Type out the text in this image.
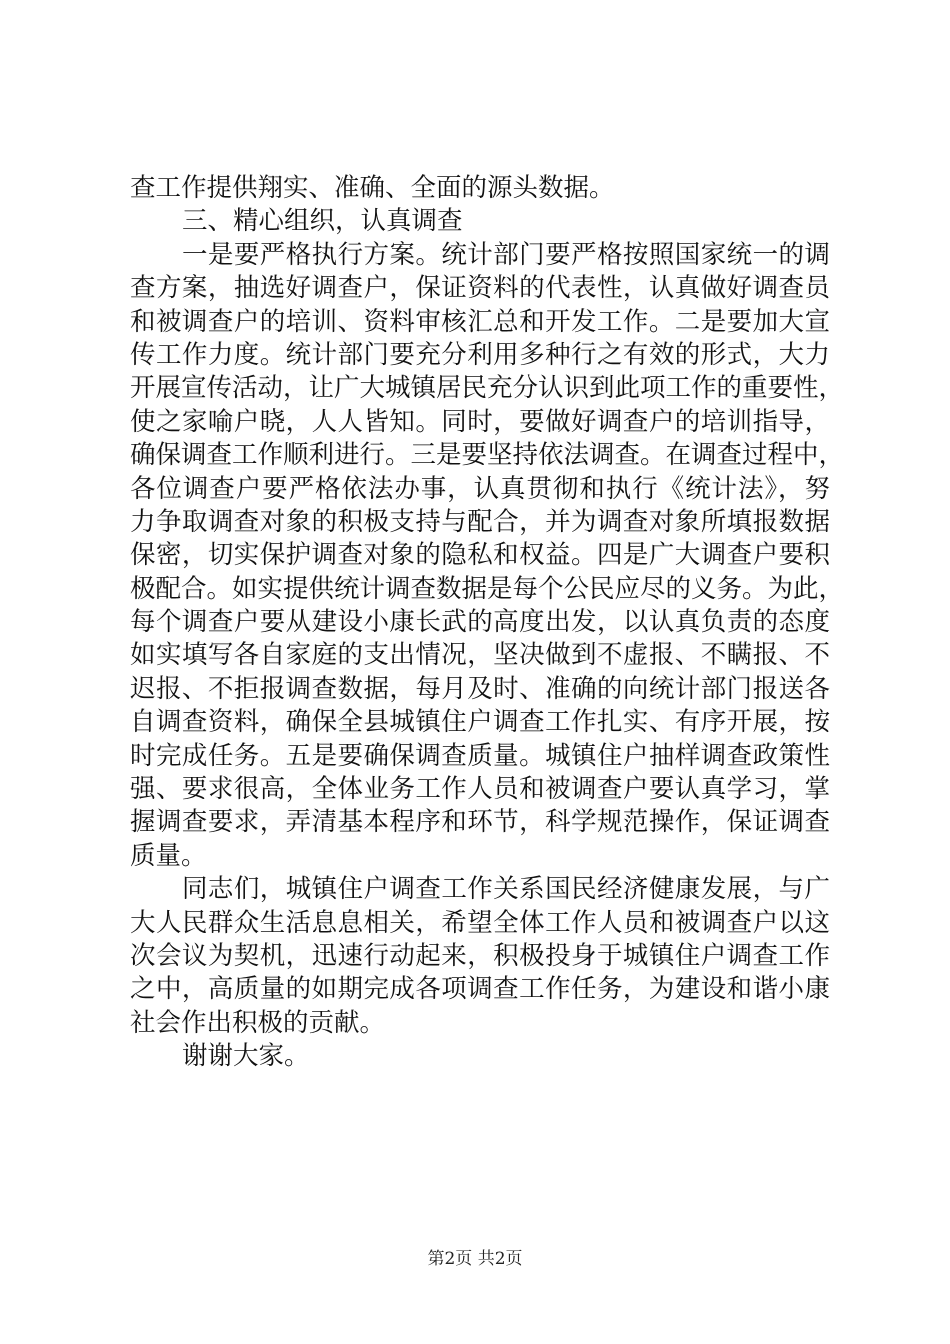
查工作提供翔实、准确、全面的源头数据。
三、精心组织，认真调查
一是要严格执行方案。统计部门要严格按照国家统一的调
查方案，抽选好调查户，保证资料的代表性，认真做好调查员
和被调查户的培训、资料审核汇总和开发工作。二是要加大宣
传工作力度。统计部门要充分利用多种行之有效的形式，大力
开展宣传活动，让广大城镇居民充分认识到此项工作的重要性，
使之家喻户晓，人人皆知。同时，要做好调查户的培训指导，
确保调查工作顺利进行。三是要坚持依法调查。在调查过程中，
各位调查户要严格依法办事，认真贯彻和执行《统计法》，努
力争取调查对象的积极支持与配合，并为调查对象所填报数据
保密，切实保护调查对象的隐私和权益。四是广大调查户要积
极配合。如实提供统计调查数据是每个公民应尽的义务。为此，
每个调查户要从建设小康长武的高度出发，以认真负责的态度
如实填写各自家庭的支出情况，坚决做到不虚报、不瞒报、不
迟报、不拒报调查数据，每月及时、准确的向统计部门报送各
自调查资料，确保全县城镇住户调查工作扎实、有序开展，按
时完成任务。五是要确保调查质量。城镇住户抽样调查政策性
强、要求很高，全体业务工作人员和被调查户要认真学习，掌
握调查要求，弄清基本程序和环节，科学规范操作，保证调查
质量。
同志们，城镇住户调查工作关系国民经济健康发展，与广
大人民群众生活息息相关，希望全体工作人员和被调查户以这
次会议为契机，迅速行动起来，积极投身于城镇住户调查工作
之中，高质量的如期完成各项调查工作任务，为建设和谐小康
社会作出积极的贡献。
谢谢大家。
第2页 共2页
